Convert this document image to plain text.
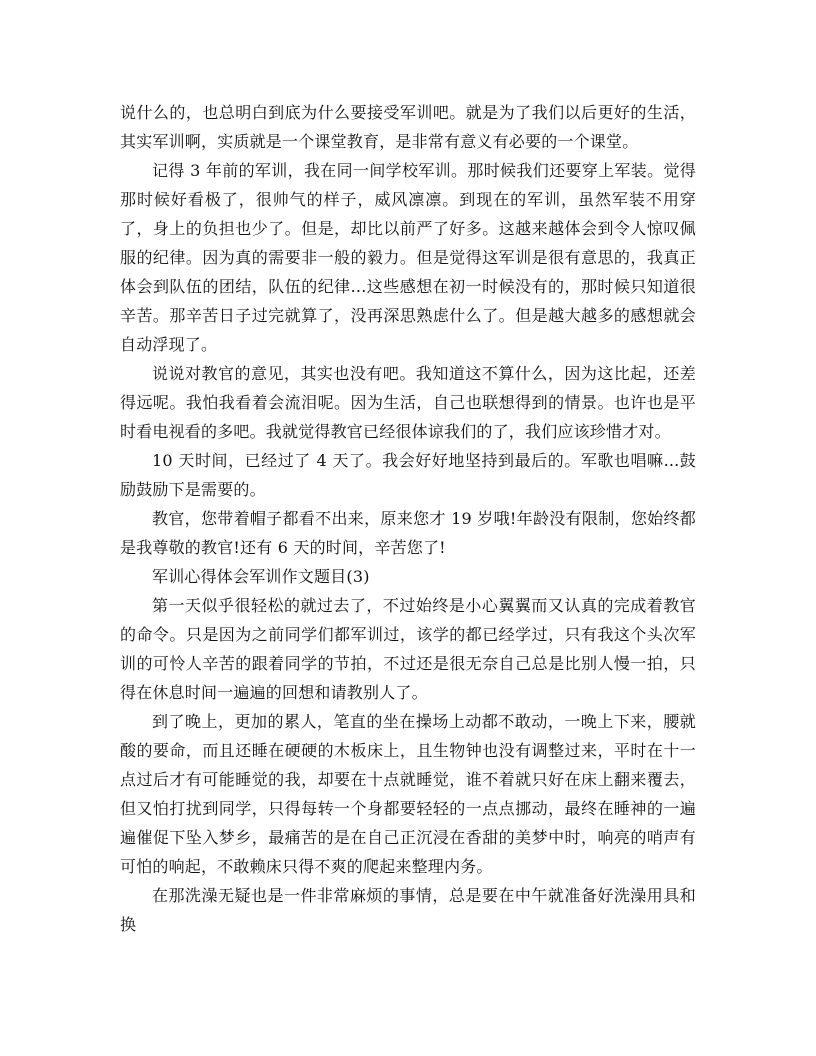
说什么的，也总明白到底为什么要接受军训吧。就是为了我们以后更好的生活，其实军训啊，实质就是一个课堂教育，是非常有意义有必要的一个课堂。

记得 3 年前的军训，我在同一间学校军训。那时候我们还要穿上军装。觉得那时候好看极了，很帅气的样子，威风凛凛。到现在的军训，虽然军装不用穿了，身上的负担也少了。但是，却比以前严了好多。这越来越体会到令人惊叹佩服的纪律。因为真的需要非一般的毅力。但是觉得这军训是很有意思的，我真正体会到队伍的团结，队伍的纪律...这些感想在初一时候没有的，那时候只知道很辛苦。那辛苦日子过完就算了，没再深思熟虑什么了。但是越大越多的感想就会自动浮现了。

说说对教官的意见，其实也没有吧。我知道这不算什么，因为这比起，还差得远呢。我怕我看着会流泪呢。因为生活，自己也联想得到的情景。也许也是平时看电视看的多吧。我就觉得教官已经很体谅我们的了，我们应该珍惜才对。

10 天时间，已经过了 4 天了。我会好好地坚持到最后的。军歌也唱嘛...鼓励鼓励下是需要的。

教官，您带着帽子都看不出来，原来您才 19 岁哦!年龄没有限制，您始终都是我尊敬的教官!还有 6 天的时间，辛苦您了!

军训心得体会军训作文题目(3)

第一天似乎很轻松的就过去了，不过始终是小心翼翼而又认真的完成着教官的命令。只是因为之前同学们都军训过，该学的都已经学过，只有我这个头次军训的可怜人辛苦的跟着同学的节拍，不过还是很无奈自己总是比别人慢一拍，只得在休息时间一遍遍的回想和请教别人了。

到了晚上，更加的累人，笔直的坐在操场上动都不敢动，一晚上下来，腰就酸的要命，而且还睡在硬硬的木板床上，且生物钟也没有调整过来，平时在十一点过后才有可能睡觉的我，却要在十点就睡觉，谁不着就只好在床上翻来覆去，但又怕打扰到同学，只得每转一个身都要轻轻的一点点挪动，最终在睡神的一遍遍催促下坠入梦乡，最痛苦的是在自己正沉浸在香甜的美梦中时，响亮的哨声有可怕的响起，不敢赖床只得不爽的爬起来整理内务。

在那洗澡无疑也是一件非常麻烦的事情，总是要在中午就准备好洗澡用具和换
